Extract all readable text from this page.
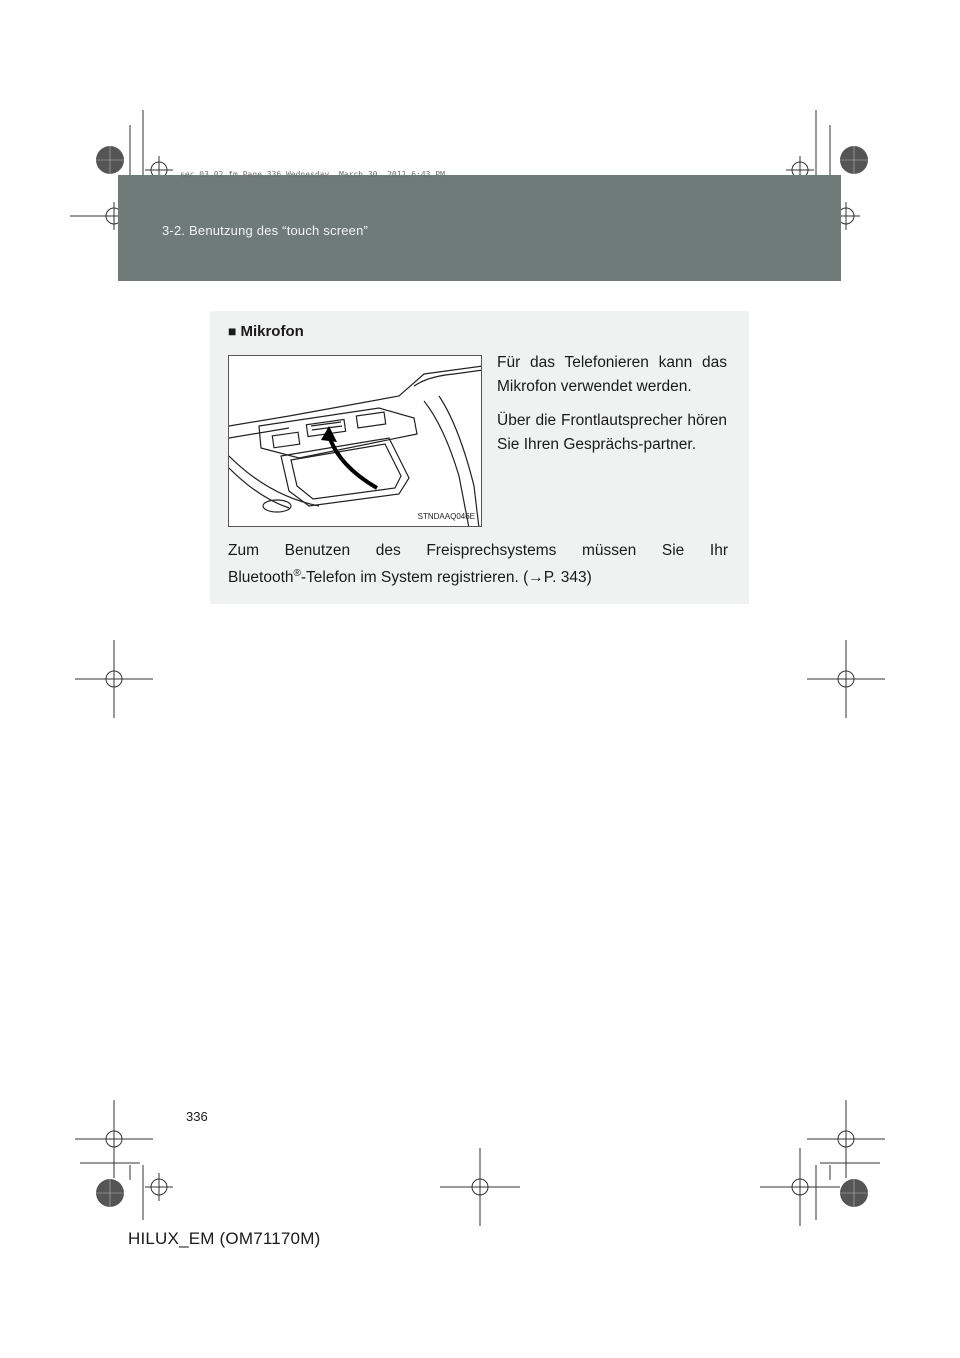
3-2. Benutzung des “touch screen”
sec_03_02.fm Page 336 Wednesday, March 30, 2011 6:43 PM
■ Mikrofon
STNDAAQ046E

Für das Telefonieren kann das Mikrofon verwendet werden.

Über die Frontlautsprecher hören Sie Ihren Gesprächs-partner.

Zum Benutzen des Freisprechsystems müssen Sie Ihr
Bluetooth®-Telefon im System registrieren. (→P. 343)
336
HILUX_EM (OM71170M)
